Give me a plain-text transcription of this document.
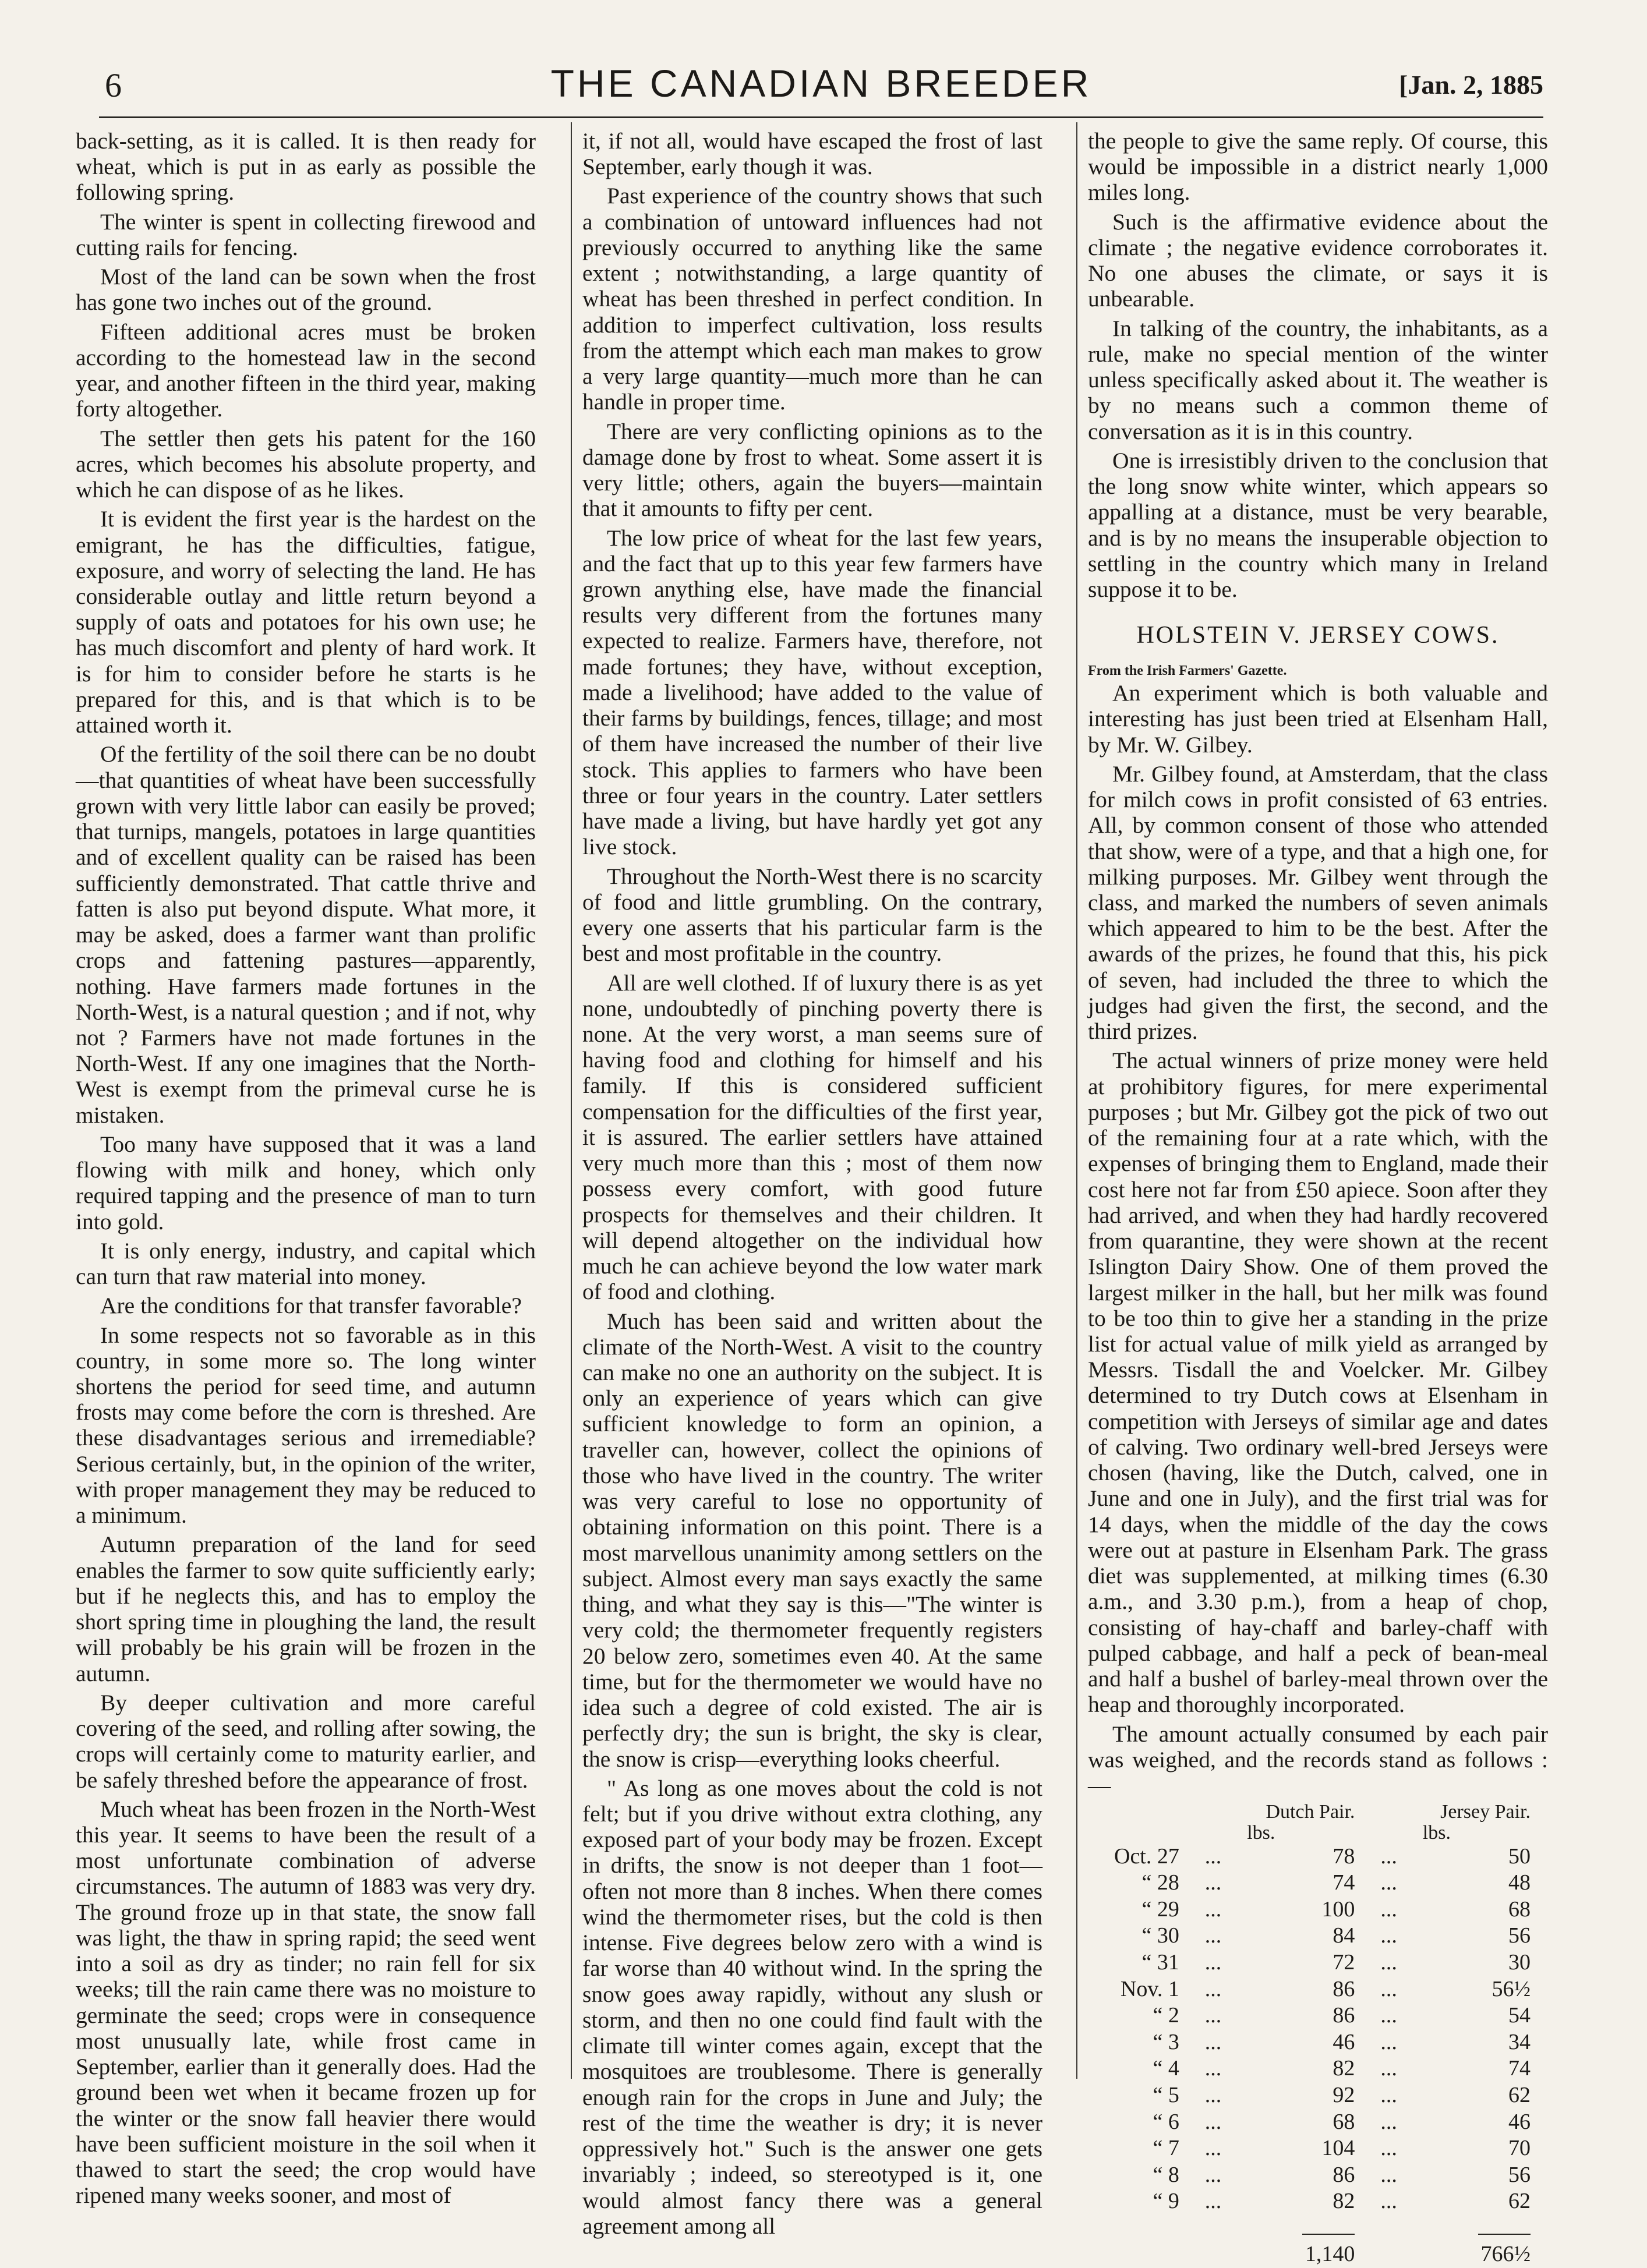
6	THE CANADIAN BREEDER	[Jan. 2, 1885

back-setting, as it is called. It is then ready for wheat, which is put in as early as possible the following spring.

The winter is spent in collecting firewood and cutting rails for fencing.

Most of the land can be sown when the frost has gone two inches out of the ground.

Fifteen additional acres must be broken according to the homestead law in the second year, and another fifteen in the third year, making forty altogether.

The settler then gets his patent for the 160 acres, which becomes his absolute property, and which he can dispose of as he likes.

It is evident the first year is the hardest on the emigrant, he has the difficulties, fatigue, exposure, and worry of selecting the land. He has considerable outlay and little return beyond a supply of oats and potatoes for his own use; he has much discomfort and plenty of hard work. It is for him to consider before he starts is he prepared for this, and is that which is to be attained worth it.

Of the fertility of the soil there can be no doubt—that quantities of wheat have been successfully grown with very little labor can easily be proved; that turnips, mangels, potatoes in large quantities and of excellent quality can be raised has been sufficiently demonstrated. That cattle thrive and fatten is also put beyond dispute. What more, it may be asked, does a farmer want than prolific crops and fattening pastures—apparently, nothing. Have farmers made fortunes in the North-West, is a natural question ; and if not, why not ? Farmers have not made fortunes in the North-West. If any one imagines that the North-West is exempt from the primeval curse he is mistaken.

Too many have supposed that it was a land flowing with milk and honey, which only required tapping and the presence of man to turn into gold.

It is only energy, industry, and capital which can turn that raw material into money.

Are the conditions for that transfer favorable?

In some respects not so favorable as in this country, in some more so. The long winter shortens the period for seed time, and autumn frosts may come before the corn is threshed. Are these disadvantages serious and irremediable? Serious certainly, but, in the opinion of the writer, with proper management they may be reduced to a minimum.

Autumn preparation of the land for seed enables the farmer to sow quite sufficiently early; but if he neglects this, and has to employ the short spring time in ploughing the land, the result will probably be his grain will be frozen in the autumn.

By deeper cultivation and more careful covering of the seed, and rolling after sowing, the crops will certainly come to maturity earlier, and be safely threshed before the appearance of frost.

Much wheat has been frozen in the North-West this year. It seems to have been the result of a most unfortunate combination of adverse circumstances. The autumn of 1883 was very dry. The ground froze up in that state, the snow fall was light, the thaw in spring rapid; the seed went into a soil as dry as tinder; no rain fell for six weeks; till the rain came there was no moisture to germinate the seed; crops were in consequence most unusually late, while frost came in September, earlier than it generally does. Had the ground been wet when it became frozen up for the winter or the snow fall heavier there would have been sufficient moisture in the soil when it thawed to start the seed; the crop would have ripened many weeks sooner, and most of

it, if not all, would have escaped the frost of last September, early though it was.

Past experience of the country shows that such a combination of untoward influences had not previously occurred to anything like the same extent ; notwithstanding, a large quantity of wheat has been threshed in perfect condition. In addition to imperfect cultivation, loss results from the attempt which each man makes to grow a very large quantity—much more than he can handle in proper time.

There are very conflicting opinions as to the damage done by frost to wheat. Some assert it is very little; others, again the buyers—maintain that it amounts to fifty per cent.

The low price of wheat for the last few years, and the fact that up to this year few farmers have grown anything else, have made the financial results very different from the fortunes many expected to realize. Farmers have, therefore, not made fortunes; they have, without exception, made a livelihood; have added to the value of their farms by buildings, fences, tillage; and most of them have increased the number of their live stock. This applies to farmers who have been three or four years in the country. Later settlers have made a living, but have hardly yet got any live stock.

Throughout the North-West there is no scarcity of food and little grumbling. On the contrary, every one asserts that his particular farm is the best and most profitable in the country.

All are well clothed. If of luxury there is as yet none, undoubtedly of pinching poverty there is none. At the very worst, a man seems sure of having food and clothing for himself and his family. If this is considered sufficient compensation for the difficulties of the first year, it is assured. The earlier settlers have attained very much more than this ; most of them now possess every comfort, with good future prospects for themselves and their children. It will depend altogether on the individual how much he can achieve beyond the low water mark of food and clothing.

Much has been said and written about the climate of the North-West. A visit to the country can make no one an authority on the subject. It is only an experience of years which can give sufficient knowledge to form an opinion, a traveller can, however, collect the opinions of those who have lived in the country. The writer was very careful to lose no opportunity of obtaining information on this point. There is a most marvellous unanimity among settlers on the subject. Almost every man says exactly the same thing, and what they say is this—"The winter is very cold; the thermometer frequently registers 20 below zero, sometimes even 40. At the same time, but for the thermometer we would have no idea such a degree of cold existed. The air is perfectly dry; the sun is bright, the sky is clear, the snow is crisp—everything looks cheerful.

" As long as one moves about the cold is not felt; but if you drive without extra clothing, any exposed part of your body may be frozen. Except in drifts, the snow is not deeper than 1 foot—often not more than 8 inches. When there comes wind the thermometer rises, but the cold is then intense. Five degrees below zero with a wind is far worse than 40 without wind. In the spring the snow goes away rapidly, without any slush or storm, and then no one could find fault with the climate till winter comes again, except that the mosquitoes are troublesome. There is generally enough rain for the crops in June and July; the rest of the time the weather is dry; it is never oppressively hot." Such is the answer one gets invariably ; indeed, so stereotyped is it, one would almost fancy there was a general agreement among all

the people to give the same reply. Of course, this would be impossible in a district nearly 1,000 miles long.

Such is the affirmative evidence about the climate ; the negative evidence corroborates it. No one abuses the climate, or says it is unbearable.

In talking of the country, the inhabitants, as a rule, make no special mention of the winter unless specifically asked about it. The weather is by no means such a common theme of conversation as it is in this country.

One is irresistibly driven to the conclusion that the long snow white winter, which appears so appalling at a distance, must be very bearable, and is by no means the insuperable objection to settling in the country which many in Ireland suppose it to be.

HOLSTEIN V. JERSEY COWS.
From the Irish Farmers' Gazette.

An experiment which is both valuable and interesting has just been tried at Elsenham Hall, by Mr. W. Gilbey.

Mr. Gilbey found, at Amsterdam, that the class for milch cows in profit consisted of 63 entries. All, by common consent of those who attended that show, were of a type, and that a high one, for milking purposes. Mr. Gilbey went through the class, and marked the numbers of seven animals which appeared to him to be the best. After the awards of the prizes, he found that this, his pick of seven, had included the three to which the judges had given the first, the second, and the third prizes.

The actual winners of prize money were held at prohibitory figures, for mere experimental purposes ; but Mr. Gilbey got the pick of two out of the remaining four at a rate which, with the expenses of bringing them to England, made their cost here not far from £50 apiece. Soon after they had arrived, and when they had hardly recovered from quarantine, they were shown at the recent Islington Dairy Show. One of them proved the largest milker in the hall, but her milk was found to be too thin to give her a standing in the prize list for actual value of milk yield as arranged by Messrs. Tisdall the and Voelcker. Mr. Gilbey determined to try Dutch cows at Elsenham in competition with Jerseys of similar age and dates of calving. Two ordinary well-bred Jerseys were chosen (having, like the Dutch, calved, one in June and one in July), and the first trial was for 14 days, when the middle of the day the cows were out at pasture in Elsenham Park. The grass diet was supplemented, at milking times (6.30 a.m., and 3.30 p.m.), from a heap of chop, consisting of hay-chaff and barley-chaff with pulped cabbage, and half a peck of bean-meal and half a bushel of barley-meal thrown over the heap and thoroughly incorporated.

The amount actually consumed by each pair was weighed, and the records stand as follows :—

		Dutch Pair.		Jersey Pair.
		lbs.		lbs.
Oct. 27	...	78	...	50
“ 28	...	74	...	48
“ 29	...	100	...	68
“ 30	...	84	...	56
“ 31	...	72	...	30
Nov. 1	...	86	...	56½
“ 2	...	86	...	54
“ 3	...	46	...	34
“ 4	...	82	...	74
“ 5	...	92	...	62
“ 6	...	68	...	46
“ 7	...	104	...	70
“ 8	...	86	...	56
“ 9	...	82	...	62

		1,140		766½
